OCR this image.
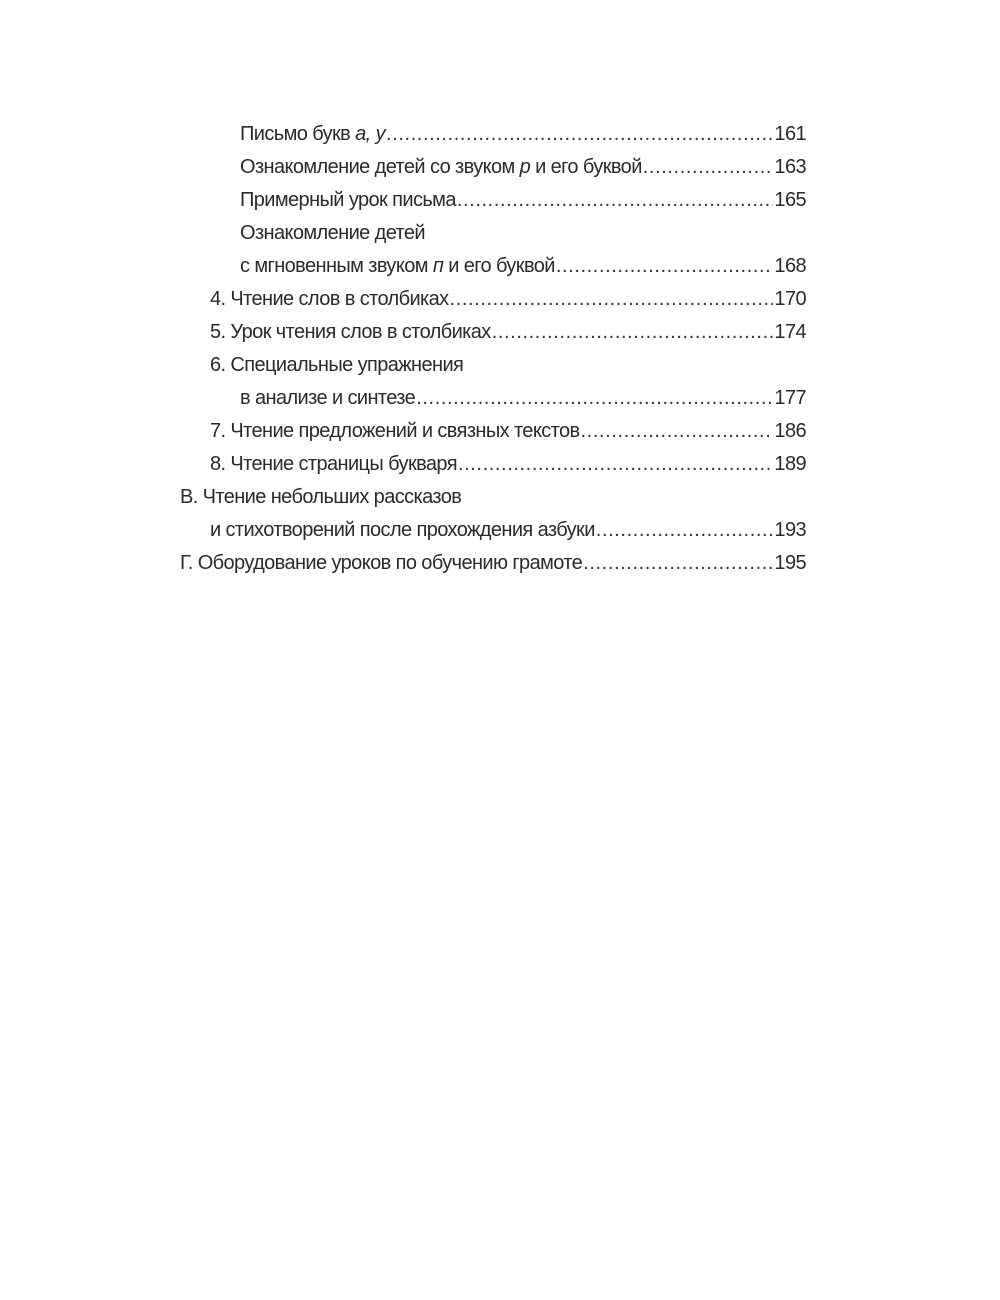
Письмо букв а, у .....	161
Ознакомление детей со звуком р и его буквой .....	163
Примерный урок письма .....	165
Ознакомление детей
с мгновенным звуком п и его буквой .....	168
4. Чтение слов в столбиках .....	170
5. Урок чтения слов в столбиках .....	174
6. Специальные упражнения
в анализе и синтезе .....	177
7. Чтение предложений и связных текстов .....	186
8. Чтение страницы букваря .....	189
В. Чтение небольших рассказов
и стихотворений после прохождения азбуки .....	193
Г. Оборудование уроков по обучению грамоте .....	195
